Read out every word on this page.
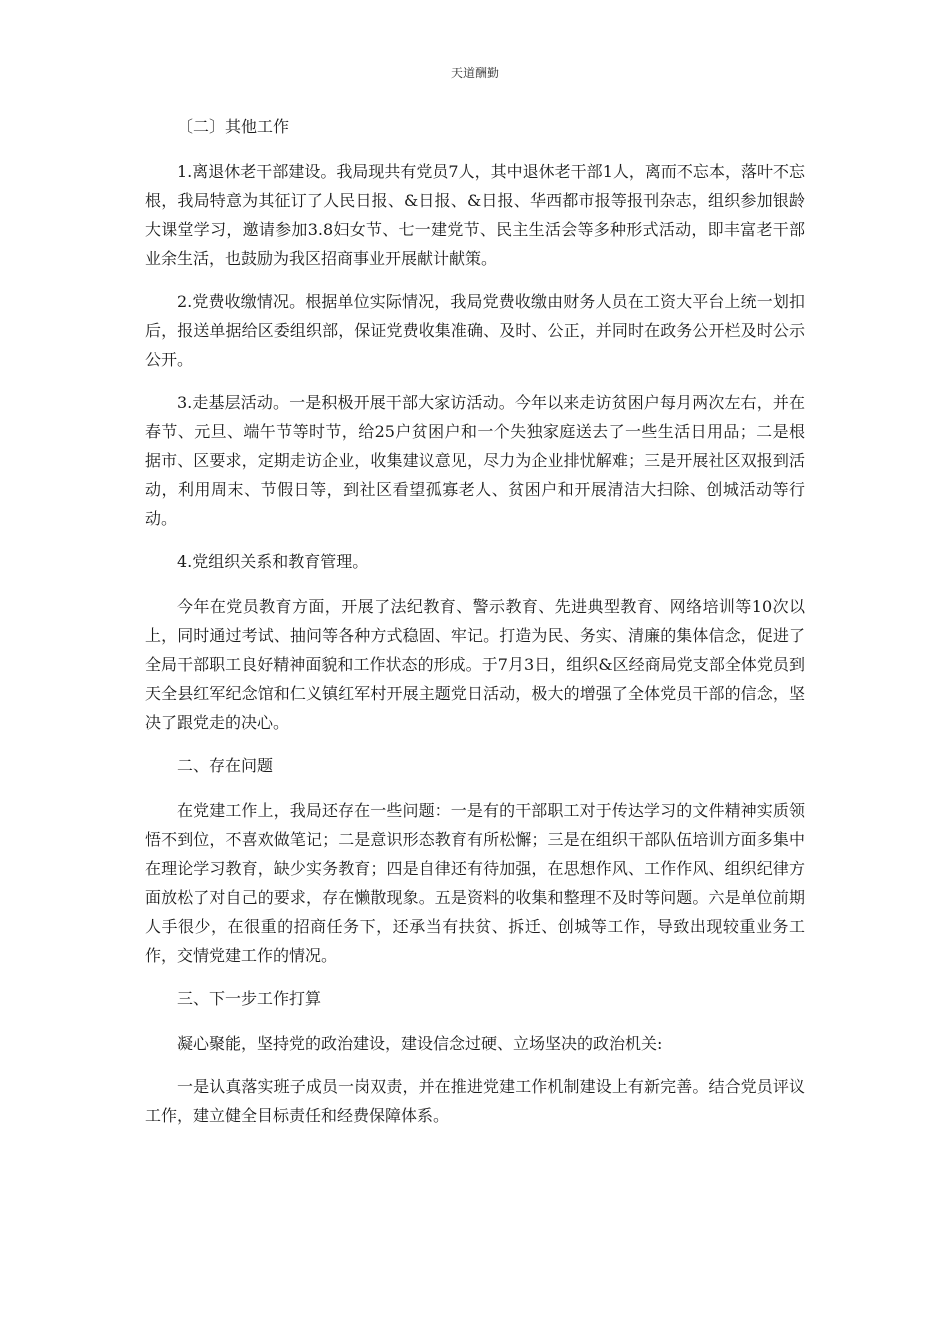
天道酬勤

〔二〕其他工作

1.离退休老干部建设。我局现共有党员7人，其中退休老干部1人，离而不忘本，落叶不忘根，我局特意为其征订了人民日报、&日报、&日报、华西都市报等报刊杂志，组织参加银龄大课堂学习，邀请参加3.8妇女节、七一建党节、民主生活会等多种形式活动，即丰富老干部业余生活，也鼓励为我区招商事业开展献计献策。

2.党费收缴情况。根据单位实际情况，我局党费收缴由财务人员在工资大平台上统一划扣后，报送单据给区委组织部，保证党费收集准确、及时、公正，并同时在政务公开栏及时公示公开。

3.走基层活动。一是积极开展干部大家访活动。今年以来走访贫困户每月两次左右，并在春节、元旦、端午节等时节，给25户贫困户和一个失独家庭送去了一些生活日用品；二是根据市、区要求，定期走访企业，收集建议意见，尽力为企业排忧解难；三是开展社区双报到活动，利用周末、节假日等，到社区看望孤寡老人、贫困户和开展清洁大扫除、创城活动等行动。

4.党组织关系和教育管理。

今年在党员教育方面，开展了法纪教育、警示教育、先进典型教育、网络培训等10次以上，同时通过考试、抽问等各种方式稳固、牢记。打造为民、务实、清廉的集体信念，促进了全局干部职工良好精神面貌和工作状态的形成。于7月3日，组织&区经商局党支部全体党员到天全县红军纪念馆和仁义镇红军村开展主题党日活动，极大的增强了全体党员干部的信念，坚决了跟党走的决心。

二、存在问题

在党建工作上，我局还存在一些问题：一是有的干部职工对于传达学习的文件精神实质领悟不到位，不喜欢做笔记；二是意识形态教育有所松懈；三是在组织干部队伍培训方面多集中在理论学习教育，缺少实务教育；四是自律还有待加强，在思想作风、工作作风、组织纪律方面放松了对自己的要求，存在懒散现象。五是资料的收集和整理不及时等问题。六是单位前期人手很少，在很重的招商任务下，还承当有扶贫、拆迁、创城等工作，导致出现较重业务工作，交情党建工作的情况。

三、下一步工作打算

凝心聚能，坚持党的政治建设，建设信念过硬、立场坚决的政治机关:

一是认真落实班子成员一岗双责，并在推进党建工作机制建设上有新完善。结合党员评议工作，建立健全目标责任和经费保障体系。
